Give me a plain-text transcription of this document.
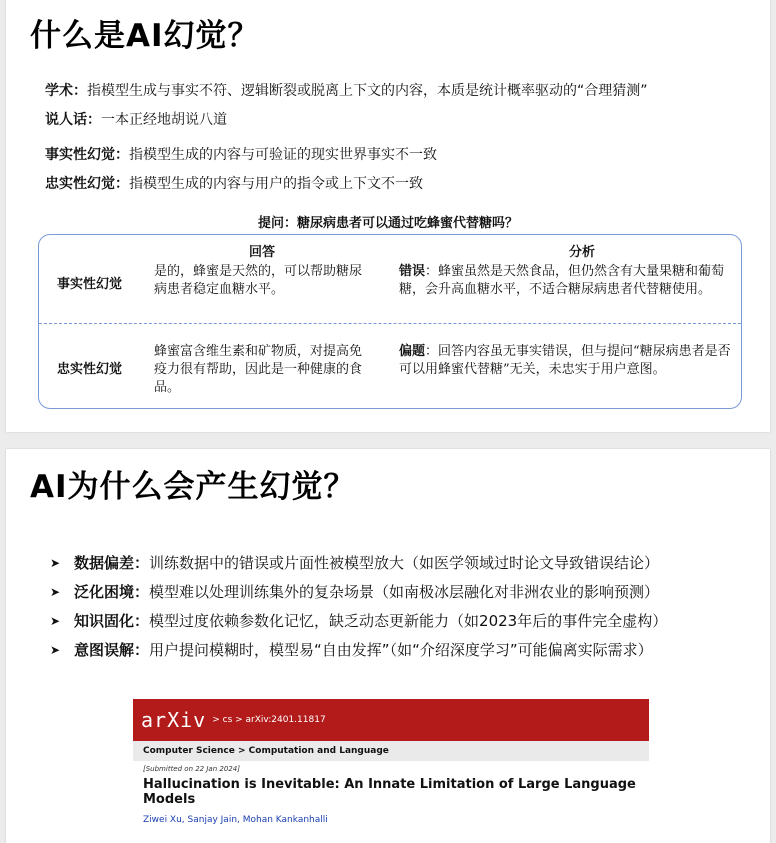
什么是AI幻觉？
学术：指模型生成与事实不符、逻辑断裂或脱离上下文的内容，本质是统计概率驱动的“合理猜测”
说人话：一本正经地胡说八道
事实性幻觉：指模型生成的内容与可验证的现实世界事实不一致
忠实性幻觉：指模型生成的内容与用户的指令或上下文不一致
提问：糖尿病患者可以通过吃蜂蜜代替糖吗？
回答	分析
事实性幻觉
是的，蜂蜜是天然的，可以帮助糖尿病患者稳定血糖水平。
错误：蜂蜜虽然是天然食品，但仍然含有大量果糖和葡萄糖，会升高血糖水平，不适合糖尿病患者代替糖使用。
忠实性幻觉
蜂蜜富含维生素和矿物质，对提高免疫力很有帮助，因此是一种健康的食品。
偏题：回答内容虽无事实错误，但与提问“糖尿病患者是否可以用蜂蜜代替糖”无关，未忠实于用户意图。
AI为什么会产生幻觉？
➤ 数据偏差 ： 训练数据中的错误或片面性被模型放大（如医学领域过时论文导致错误结论）
➤ 泛化困境 ： 模型难以处理训练集外的复杂场景（如南极冰层融化对非洲农业的影响预测）
➤ 知识固化 ： 模型过度依赖参数化记忆，缺乏动态更新能力（如2023年后的事件完全虚构）
➤ 意图误解 ： 用户提问模糊时，模型易“自由发挥”（如“介绍深度学习”可能偏离实际需求）
arXiv > cs > arXiv:2401.11817
Computer Science > Computation and Language
[Submitted on 22 Jan 2024]
Hallucination is Inevitable: An Innate Limitation of Large Language Models
Ziwei Xu, Sanjay Jain, Mohan Kankanhalli
